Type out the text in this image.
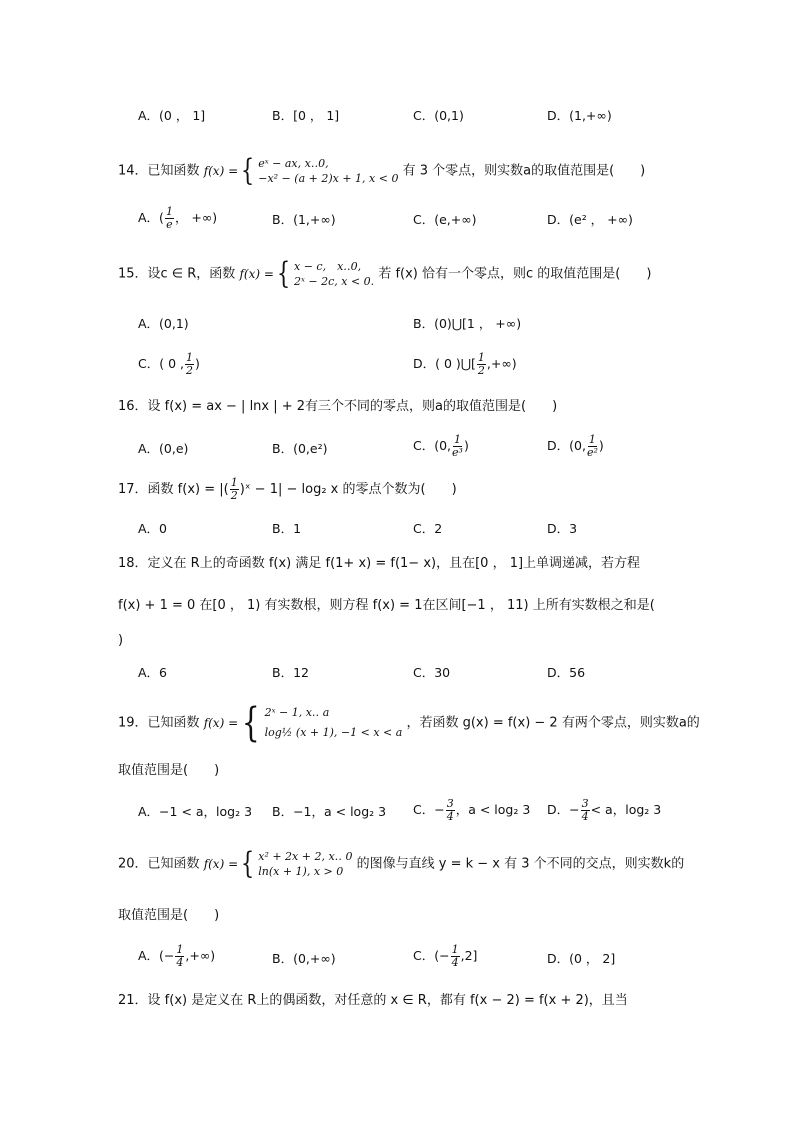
A．(0 ， 1]	B．[0 ， 1]	C．(0,1)	D．(1,+∞)
14．已知函数 f(x) = { eˣ − ax, x‥0,
−x² − (a + 2)x + 1, x < 0 有 3 个零点，则实数a的取值范围是(　　)
A．( $\frac{1}{e}$ ， +∞)	B．(1,+∞)	C．(e,+∞)	D．(e² ， +∞)
15．设c ∈ R，函数 f(x) = { x − c,　x‥0,
2ˣ − 2c, x < 0. 若 f(x) 恰有一个零点，则c 的取值范围是(　　)
A．(0,1)	B．(0)⋃[1 ， +∞)
C．( 0 , $\frac{1}{2}$ )	D．( 0 )⋃[ $\frac{1}{2}$ ,+∞)
16．设 f(x) = ax − | lnx | + 2有三个不同的零点，则a的取值范围是(　　)
A．(0,e)	B．(0,e²)	C．(0, $\frac{1}{\text{e³}}$ )	D．(0, $\frac{1}{\text{e²}}$ )
17．函数 f(x) = |( $\frac{1}{2}$ )ˣ − 1| − log₂ x 的零点个数为(　　)
A．0	B．1	C．2	D．3
18．定义在 R上的奇函数 f(x) 满足 f(1+ x) = f(1− x)，且在[0 ， 1]上单调递减，若方程
f(x) + 1 = 0 在[0 ， 1) 有实数根，则方程 f(x) = 1在区间[−1 ， 11) 上所有实数根之和是(
)
A．6	B．12	C．30	D．56
19．已知函数 f(x) = { 2ˣ − 1, x‥ a
log½ (x + 1), −1 < x < a
，若函数 g(x) = f(x) − 2 有两个零点，则实数a的
取值范围是(　　)
A．−1 < a，log₂ 3 B．−1，a < log₂ 3 C．− $\frac{3}{4}$ ，a < log₂ 3 D．− $\frac{3}{4} < a$，log₂ 3
20．已知函数 f(x) = { x² + 2x + 2, x‥ 0
ln(x + 1), x > 0	的图像与直线 y = k − x 有 3 个不同的交点，则实数k的
取值范围是(　　)
A．(− $\frac{1}{4}$ ,+∞)	B．(0,+∞)	C．(− $\frac{1}{4} ,2$]	D．(0 ， 2]
21．设 f(x) 是定义在 R上的偶函数，对任意的 x ∈ R，都有 f(x − 2) = f(x + 2)，且当
